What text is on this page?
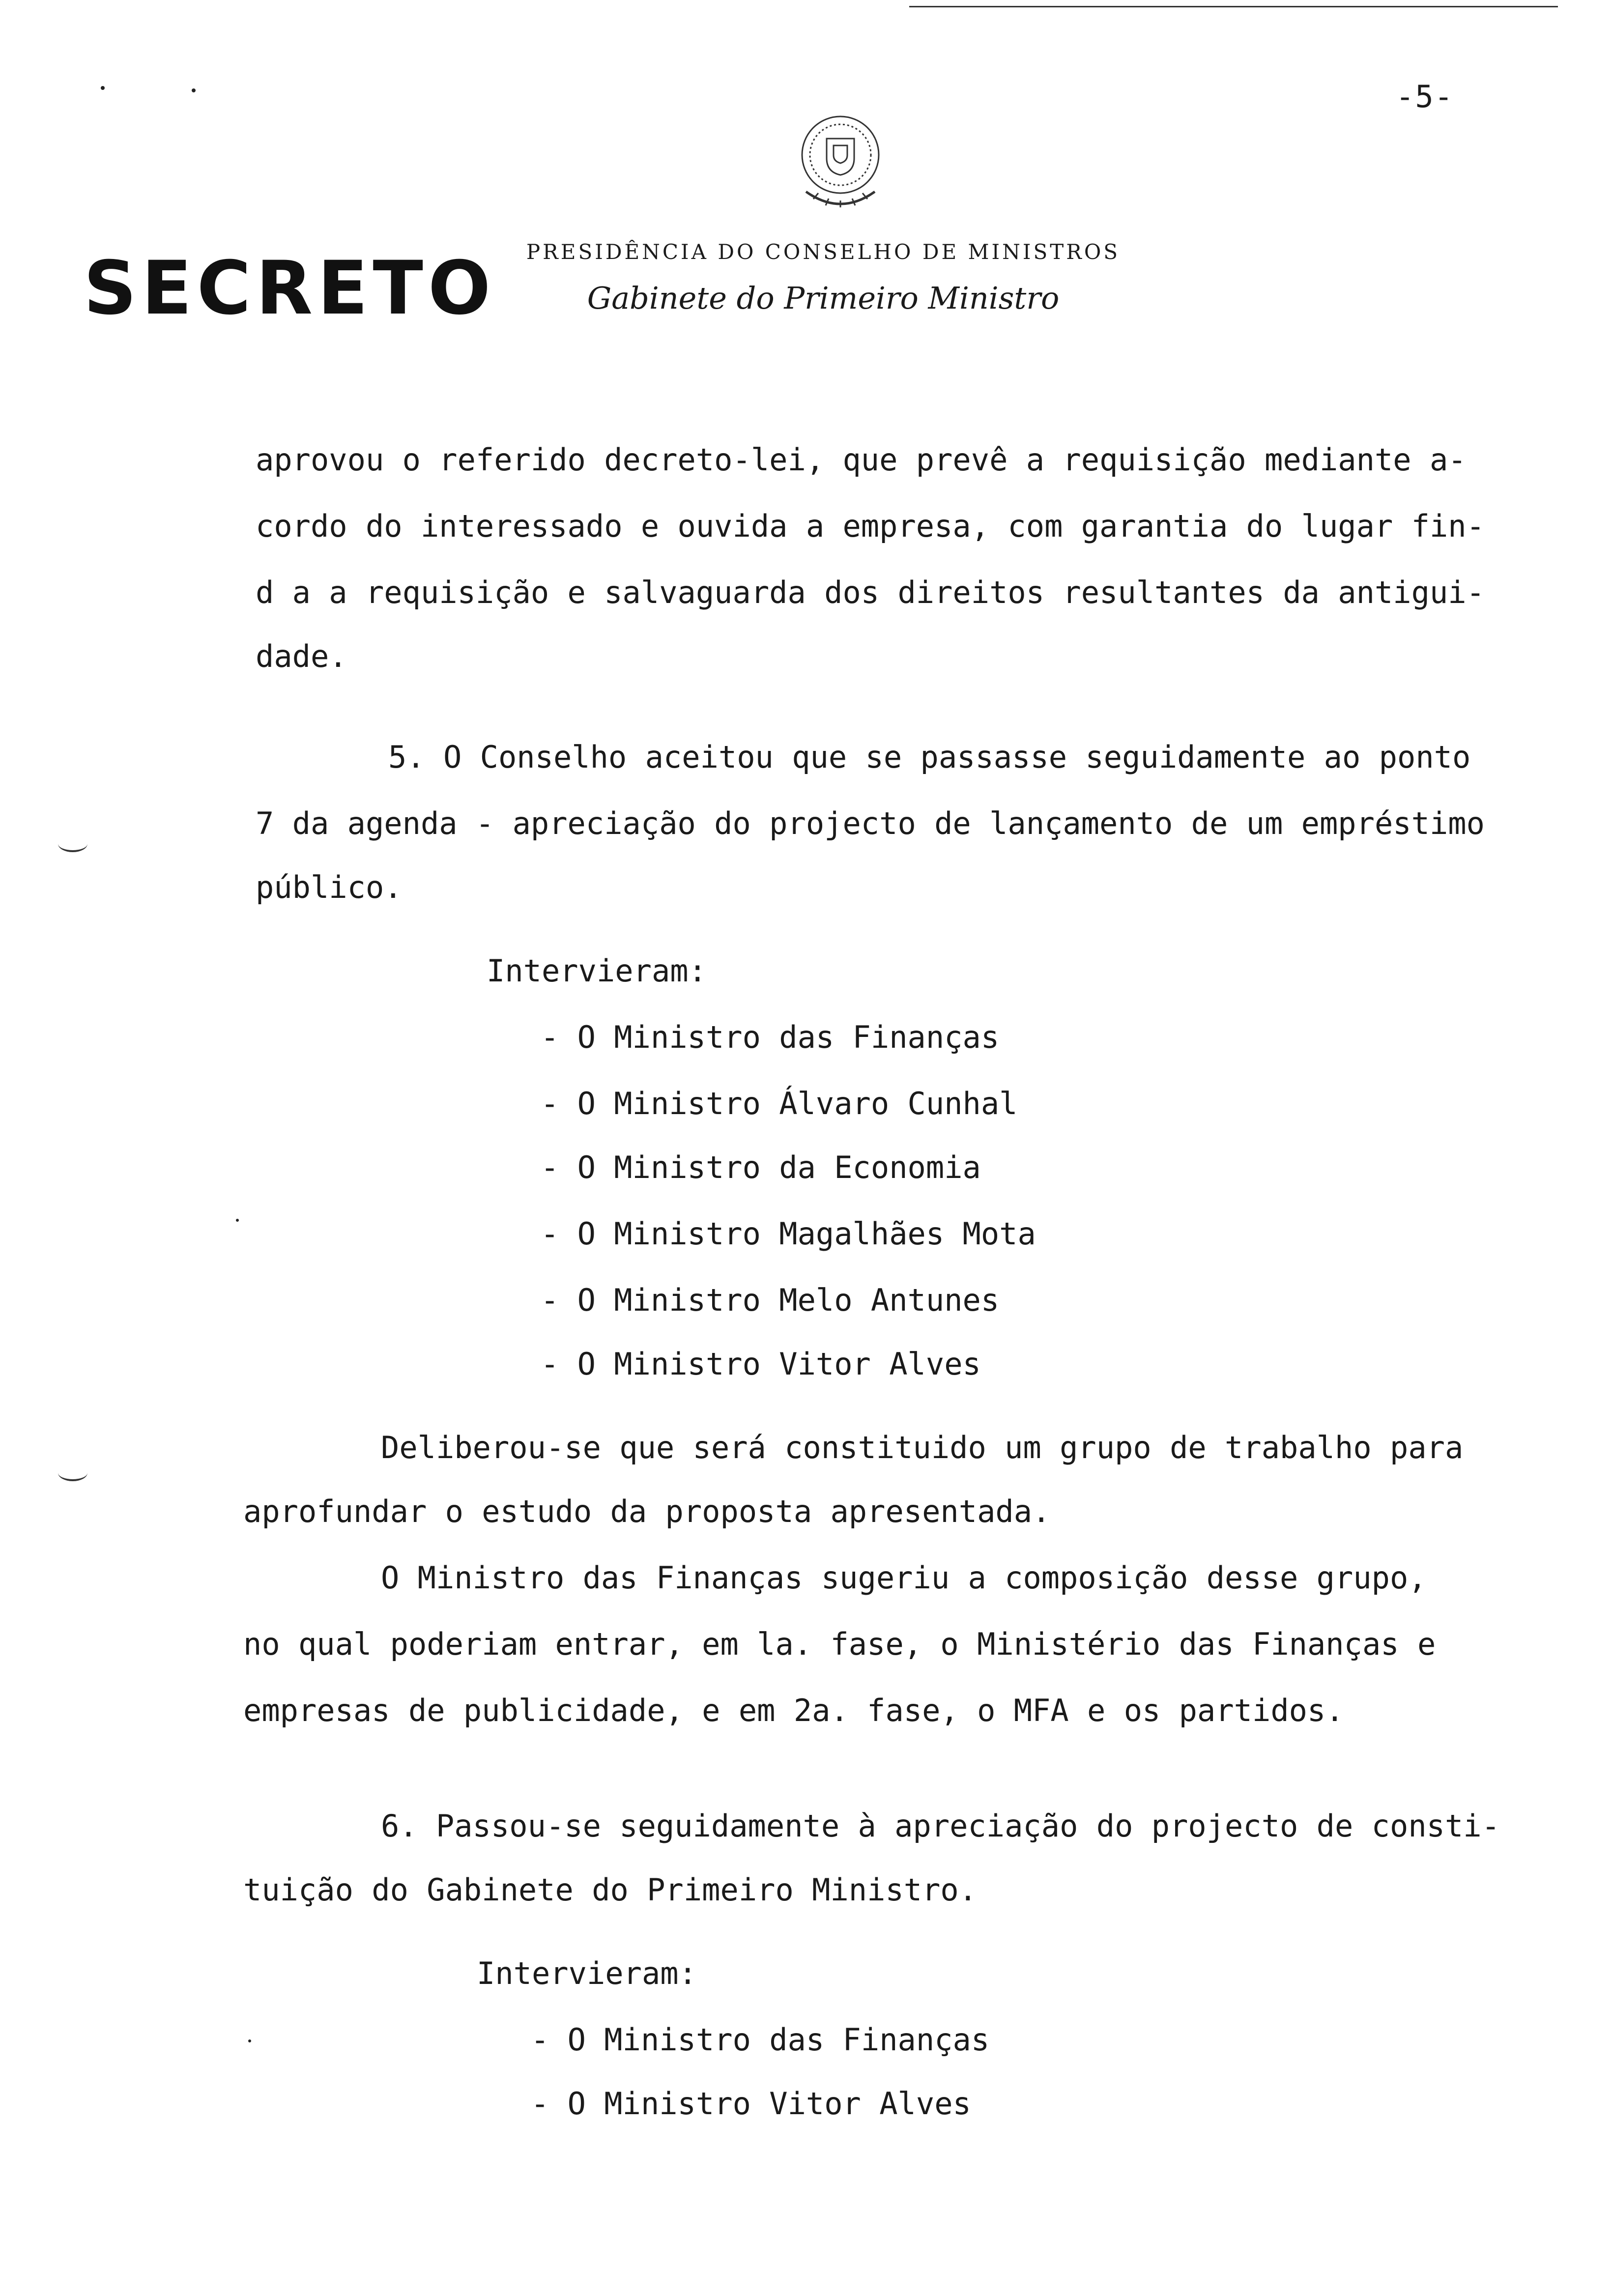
-5-
SECRETO	PRESIDÊNCIA DO CONSELHO DE MINISTROS
Gabinete do Primeiro Ministro
aprovou o referido decreto-lei, que prevê a requisição mediante a-
cordo do interessado e ouvida a empresa, com garantia do lugar fin-
d a a requisição e salvaguarda dos direitos resultantes da antigui-
dade.
5. O Conselho aceitou que se passasse seguidamente ao ponto
7 da agenda - apreciação do projecto de lançamento de um empréstimo
público.
Intervieram:
- O Ministro das Finanças
- O Ministro Álvaro Cunhal
- O Ministro da Economia
- O Ministro Magalhães Mota
- O Ministro Melo Antunes
- O Ministro Vitor Alves
Deliberou-se que será constituido um grupo de trabalho para
aprofundar o estudo da proposta apresentada.
O Ministro das Finanças sugeriu a composição desse grupo,
no qual poderiam entrar, em la. fase, o Ministério das Finanças e
empresas de publicidade, e em 2a. fase, o MFA e os partidos.
6. Passou-se seguidamente à apreciação do projecto de consti-
tuição do Gabinete do Primeiro Ministro.
Intervieram:
- O Ministro das Finanças
- O Ministro Vitor Alves
